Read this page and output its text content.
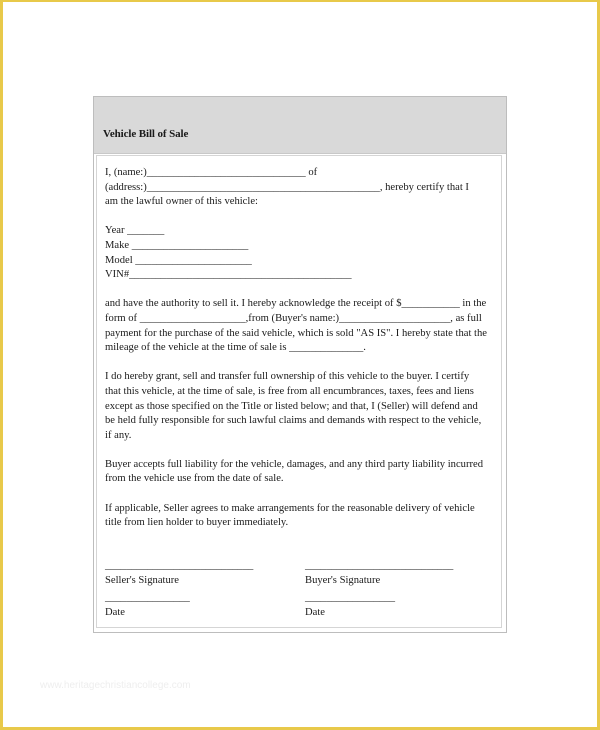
Vehicle Bill of Sale

I, (name:)______________________________ of

(address:)____________________________________________, hereby certify that I

am the lawful owner of this vehicle:

Year _______

Make ______________________

Model ______________________

VIN#__________________________________________

and have the authority to sell it. I hereby acknowledge the receipt of $___________ in the

form of ____________________,from (Buyer's name:)_____________________, as full

payment for the purchase of the said vehicle, which is sold "AS IS". I hereby state that the

mileage of the vehicle at the time of sale is ______________.

I do hereby grant, sell and transfer full ownership of this vehicle to the buyer. I certify

that this vehicle, at the time of sale, is free from all encumbrances, taxes, fees and liens

except as those specified on the Title or listed below; and that, I (Seller) will defend and

be held fully responsible for such lawful claims and demands with respect to the vehicle,

if any.

Buyer accepts full liability for the vehicle, damages, and any third party liability incurred

from the vehicle use from the date of sale.

If applicable, Seller agrees to make arrangements for the reasonable delivery of vehicle

title from lien holder to buyer immediately.

____________________________

Seller's Signature

________________

Date

____________________________

Buyer's Signature

_________________

Date

www.heritagechristiancollege.com
